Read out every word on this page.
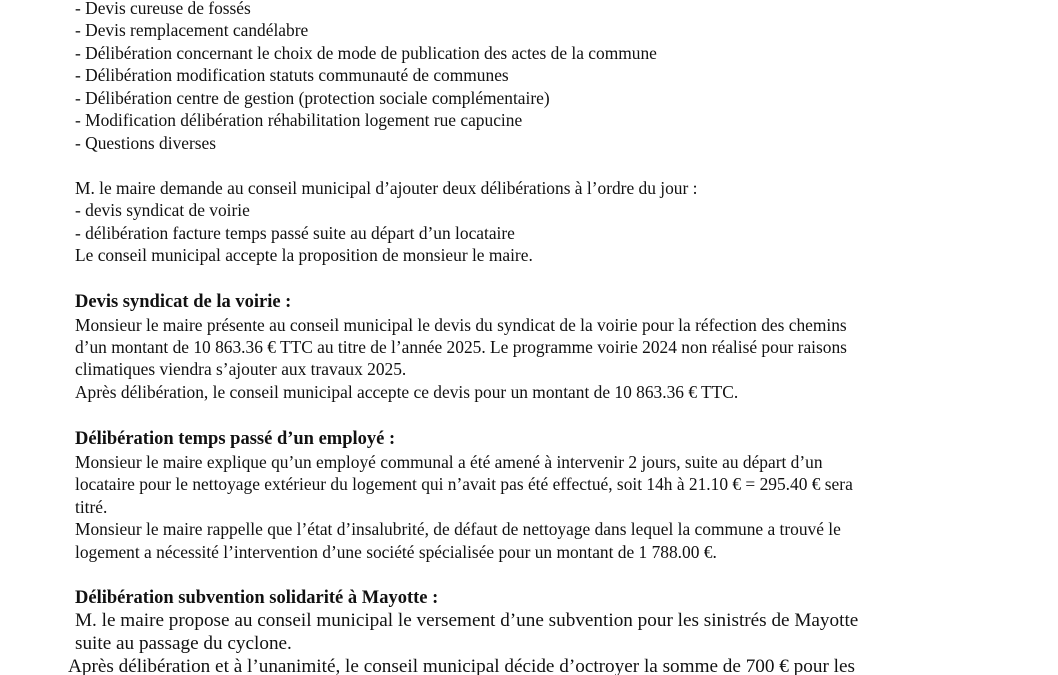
- Devis cureuse de fossés
- Devis remplacement candélabre
- Délibération concernant le choix de mode de publication des actes de la commune
- Délibération modification statuts communauté de communes
- Délibération centre de gestion (protection sociale complémentaire)
- Modification délibération réhabilitation logement rue capucine
- Questions diverses
M. le maire demande au conseil municipal d’ajouter deux délibérations à l’ordre du jour :
- devis syndicat de voirie
- délibération facture temps passé suite au départ d’un locataire
Le conseil municipal accepte la proposition de monsieur le maire.
Devis syndicat de la voirie :
Monsieur le maire présente au conseil municipal le devis du syndicat de la voirie pour la réfection des chemins
d’un montant de 10 863.36 € TTC au titre de l’année 2025. Le programme voirie 2024 non réalisé pour raisons
climatiques viendra s’ajouter aux travaux 2025.
Après délibération, le conseil municipal accepte ce devis pour un montant de 10 863.36 € TTC.
Délibération temps passé d’un employé :
Monsieur le maire explique qu’un employé communal a été amené à intervenir 2 jours, suite au départ d’un
locataire pour le nettoyage extérieur du logement qui n’avait pas été effectué, soit 14h à 21.10 € = 295.40 € sera
titré.
Monsieur le maire rappelle que l’état d’insalubrité, de défaut de nettoyage dans lequel la commune a trouvé le
logement a nécessité l’intervention d’une société spécialisée pour un montant de 1 788.00 €.
Délibération subvention solidarité à Mayotte :
M. le maire propose au conseil municipal le versement d’une subvention pour les sinistrés de Mayotte
suite au passage du cyclone.
Après délibération et à l’unanimité, le conseil municipal décide d’octroyer la somme de 700 € pour les
